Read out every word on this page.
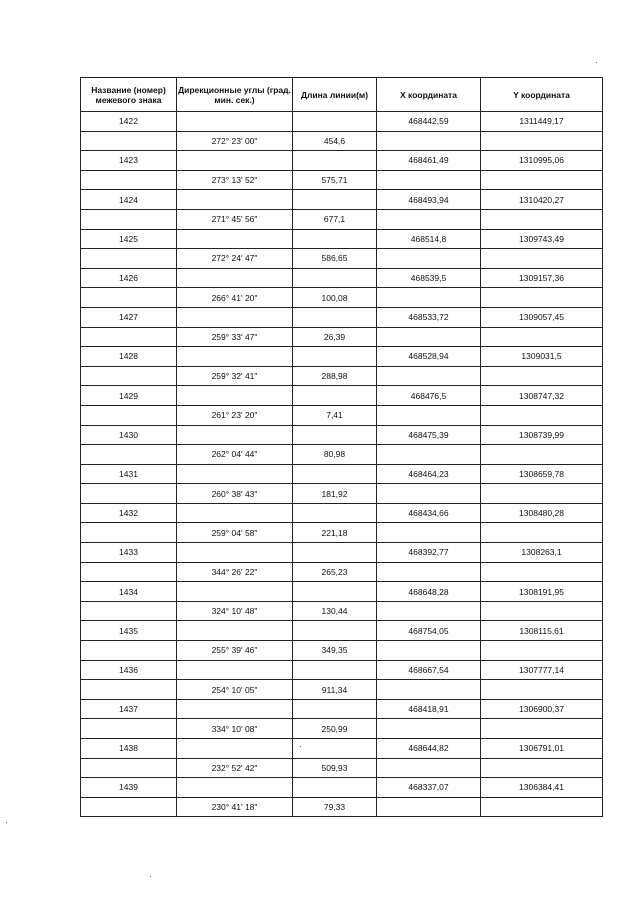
Название (номер) межевого знака	Дирекционные углы (град. мин. сек.)	Длина линии(м)	Х координата	Y координата
1422			468442,59	1311449,17
	272° 23' 00"	454,6		
1423			468461,49	1310995,06
	273° 13' 52"	575,71		
1424			468493,94	1310420,27
	271° 45' 56"	677,1		
1425			468514,8	1309743,49
	272° 24' 47"	586,65		
1426			468539,5	1309157,36
	266° 41' 20"	100,08		
1427			468533,72	1309057,45
	259° 33' 47"	26,39		
1428			468528,94	1309031,5
	259° 32' 41"	288,98		
1429			468476,5	1308747,32
	261° 23' 20"	7,41		
1430			468475,39	1308739,99
	262° 04' 44"	80,98		
1431			468464,23	1308659,78
	260° 38' 43"	181,92		
1432			468434,66	1308480,28
	259° 04' 58"	221,18		
1433			468392,77	1308263,1
	344° 26' 22"	265,23		
1434			468648,28	1308191,95
	324° 10' 48"	130,44		
1435			468754,05	1308115,61
	255° 39' 46"	349,35		
1436			468667,54	1307777,14
	254° 10' 05"	911,34		
1437			468418,91	1306900,37
	334° 10' 08"	250,99		
1438			468644,82	1306791,01
	232° 52' 42"	509,93		
1439			468337,07	1306384,41
	230° 41' 18"	79,33		
